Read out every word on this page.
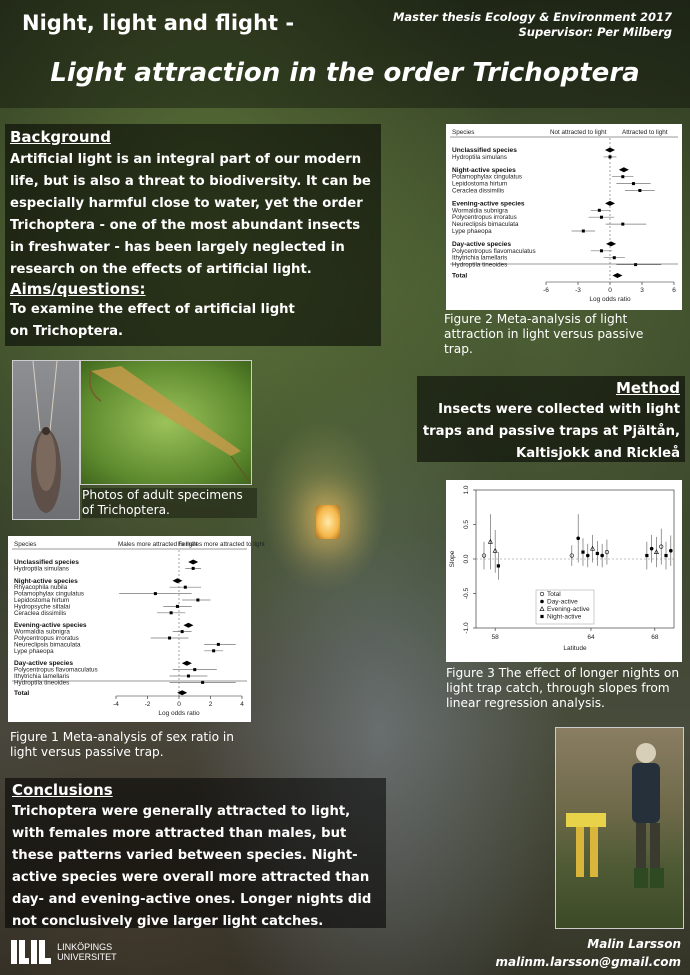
Night, light and flight -	Master thesis Ecology & Environment 2017
Supervisor: Per Milberg
Light attraction in the order Trichoptera
Background
Artificial light is an integral part of our modern life, but is also a threat to biodiversity. It can be especially harmful close to water, yet the order Trichoptera - one of the most abundant insects in freshwater - has been largely neglected in research on the effects of artificial light.
Aims/questions:
To examine the effect of artificial light on Trichoptera.
Photos of adult specimens of Trichoptera.
Species	Not attracted to light Attracted to light
Unclassified species
Hydroptila simulans
Night-active species
Potamophylax cingulatus
Lepidostoma hirtum
Ceraclea dissimilis
Evening-active species
Wormaldia subnigra
Polycentropus irroratus
Neureclipsis bimaculata
Lype phaeopa
Day-active species
Polycentropus flavomaculatus
Ithytrichia lamellaris
Hydroptila tineoides
Total
-6	-3	0	3	6
Log odds ratio
Figure 2 Meta-analysis of light attraction in light versus passive trap.
Method
Insects were collected with light traps and passive traps at Pjältån, Kaltisjokk and Rickleå
-1.0
-0.5
0.0
0.5
1.0
58	64	68
Latitude
Slope
Total
Day-active
Evening-active
Night-active
Figure 3 The effect of longer nights on light trap catch, through slopes from linear regression analysis.
Species	Males more attracted to light
Females more attracted to light
Unclassified species
Hydroptila simulans
Night-active species
Rhyacophila nubila
Potamophylax cingulatus
Lepidostoma hirtum
Hydropsyche siltalai
Ceraclea dissimilis
Evening-active species
Wormaldia subnigra
Polycentropus irroratus
Neureclipsis bimaculata
Lype phaeopa
Day-active species
Polycentropus flavomaculatus
Ithytrichia lamellaris
Hydroptila tineoides
Total
-4	-2	0	2	4
Log odds ratio
Figure 1 Meta-analysis of sex ratio in light versus passive trap.
Conclusions
Trichoptera were generally attracted to light, with females more attracted than males, but these patterns varied between species. Night-active species were overall more attracted than day- and evening-active ones. Longer nights did not conclusively give larger light catches.
LINKÖPINGS UNIVERSITET
Malin Larsson
malinm.larsson@gmail.com
